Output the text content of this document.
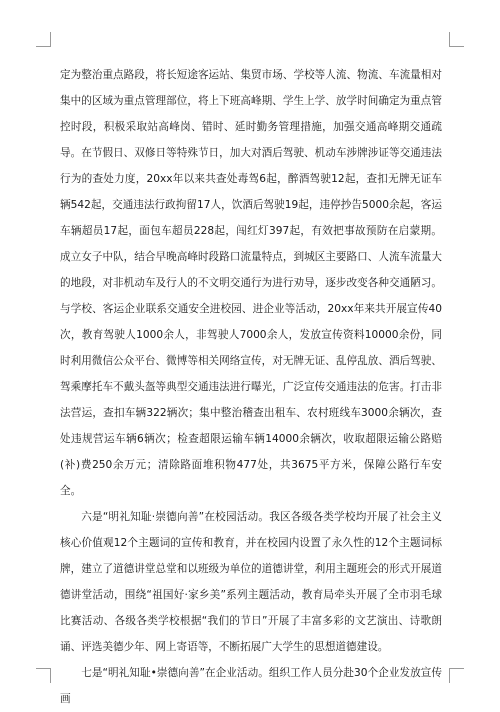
定为整治重点路段，将长短途客运站、集贸市场、学校等人流、物流、车流量相对集中的区域为重点管理部位，将上下班高峰期、学生上学、放学时间确定为重点管控时段，积极采取站高峰岗、错时、延时勤务管理措施，加强交通高峰期交通疏导。在节假日、双修日等特殊节日，加大对酒后驾驶、机动车涉牌涉证等交通违法行为的查处力度，20xx年以来共查处毒驾6起，醉酒驾驶12起，查扣无牌无证车辆542起，交通违法行政拘留17人，饮酒后驾驶19起，违停抄告5000余起，客运车辆超员17起，面包车超员228起，闯红灯397起，有效把事故预防在启蒙期。成立女子中队，结合早晚高峰时段路口流量特点，到城区主要路口、人流车流量大的地段，对非机动车及行人的不文明交通行为进行劝导，逐步改变各种交通陋习。与学校、客运企业联系交通安全进校园、进企业等活动，20xx年来共开展宣传40次，教育驾驶人1000余人，非驾驶人7000余人，发放宣传资料10000余份，同时利用微信公众平台、微博等相关网络宣传，对无牌无证、乱停乱放、酒后驾驶、驾乘摩托车不戴头盔等典型交通违法进行曝光，广泛宣传交通违法的危害。打击非法营运，查扣车辆322辆次；集中整治稽查出租车、农村班线车3000余辆次，查处违规营运车辆6辆次；检查超限运输车辆14000余辆次，收取超限运输公路赔(补)费250余万元；清除路面堆积物477处，共3675平方米，保障公路行车安全。

六是“明礼知耻·崇德向善”在校园活动。我区各级各类学校均开展了社会主义核心价值观12个主题词的宣传和教育，并在校园内设置了永久性的12个主题词标牌，建立了道德讲堂总堂和以班级为单位的道德讲堂，利用主题班会的形式开展道德讲堂活动，围绕“祖国好·家乡美”系列主题活动，教育局牵头开展了全市羽毛球比赛活动、各级各类学校根据“我们的节日”开展了丰富多彩的文艺演出、诗歌朗诵、评选美德少年、网上寄语等，不断拓展广大学生的思想道德建设。

七是“明礼知耻•崇德向善”在企业活动。组织工作人员分赴30个企业发放宣传画
